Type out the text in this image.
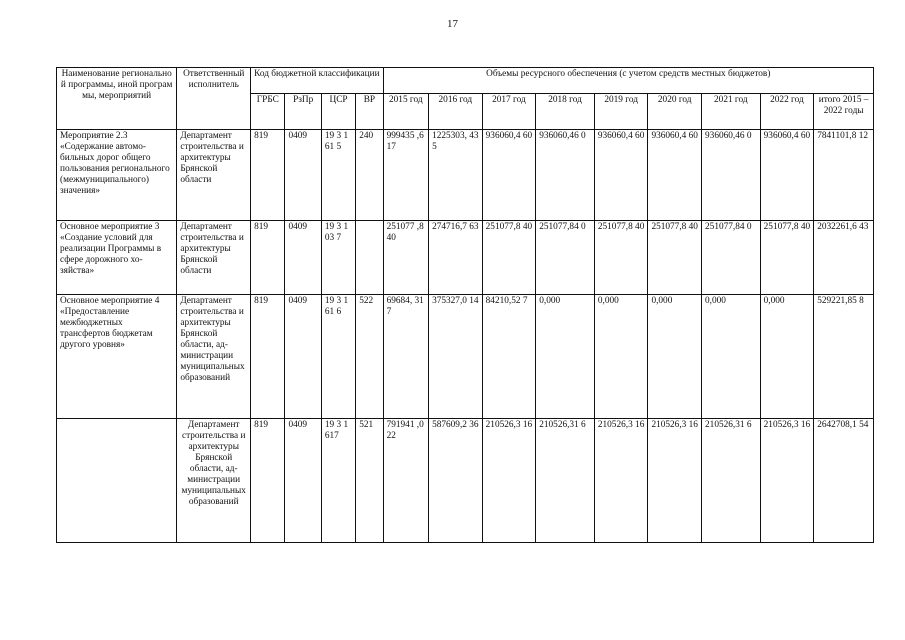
17
Наименование региональной программы, иной программы, мероприятий	Ответственный исполнитель	Код бюджетной классификации				Объемы ресурсного обеспечения (с учетом средств местных бюджетов)								
		ГРБС	РзПр	ЦСР	ВР	2015 год	2016 год	2017 год	2018 год	2019 год	2020 год	2021 год	2022 год	итого 2015 – 2022 годы
Мероприятие 2.3 «Содержание автомобильных дорог общего пользования регионального (межмуниципального) значения»	Департамент строительства и архитектуры Брянской области	819	0409	19 3 161 5	240	999435 ,617	1225303, 435	936060,4 60	936060,46 0	936060,4 60	936060,4 60	936060,46 0	936060,4 60	7841101,8 12
Основное мероприятие 3 «Создание условий для реализации Программы в сфере дорожного хозяйства»	Департамент строительства и архитектуры Брянской области	819	0409	19 3 103 7		251077 ,840	274716,7 63	251077,8 40	251077,84 0	251077,8 40	251077,8 40	251077,84 0	251077,8 40	2032261,6 43
Основное мероприятие 4 «Предоставление межбюджетных трансфертов бюджетам другого уровня»	Департамент строительства и архитектуры Брянской области, администрации муниципальных образований	819	0409	19 3 161 6	522	69684, 317	375327,0 14	84210,52 7	0,000	0,000	0,000	0,000	0,000	529221,85 8
	Департамент строительства и архитектуры Брянской области, администрации муниципальных образований	819	0409	19 3 1617	521	791941 ,022	587609,2 36	210526,3 16	210526,31 6	210526,3 16	210526,3 16	210526,31 6	210526,3 16	2642708,1 54
